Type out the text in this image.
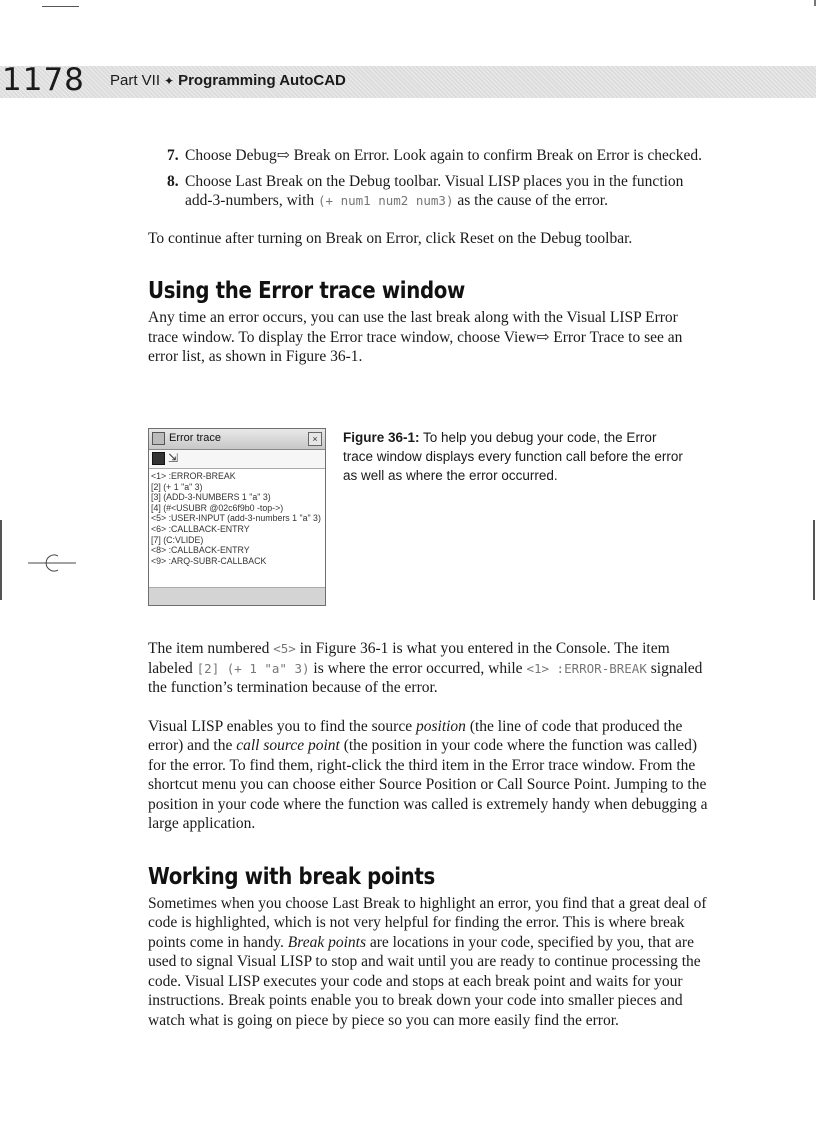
1178 Part VII ✦ Programming AutoCAD

7. Choose Debug⇨ Break on Error. Look again to confirm Break on Error is checked.

8. Choose Last Break on the Debug toolbar. Visual LISP places you in the function add-3-numbers, with (+ num1 num2 num3) as the cause of the error.

To continue after turning on Break on Error, click Reset on the Debug toolbar.

Using the Error trace window

Any time an error occurs, you can use the last break along with the Visual LISP Error trace window. To display the Error trace window, choose View⇨ Error Trace to see an error list, as shown in Figure 36-1.

Error trace	×
⇲
<1> :ERROR-BREAK
[2] (+ 1 "a" 3)
[3] (ADD-3-NUMBERS 1 "a" 3)
[4] (#<USUBR @02c6f9b0 -top->)
<5> :USER-INPUT (add-3-numbers 1 "a" 3)
<6> :CALLBACK-ENTRY
[7] (C:VLIDE)
<8> :CALLBACK-ENTRY
<9> :ARQ-SUBR-CALLBACK
Figure 36-1: To help you debug your code, the Error trace window displays every function call before the error as well as where the error occurred.

The item numbered <5> in Figure 36-1 is what you entered in the Console. The item labeled [2] (+ 1 "a" 3) is where the error occurred, while <1> :ERROR-BREAK signaled the function’s termination because of the error.

Visual LISP enables you to find the source position (the line of code that produced the error) and the call source point (the position in your code where the function was called) for the error. To find them, right-click the third item in the Error trace window. From the shortcut menu you can choose either Source Position or Call Source Point. Jumping to the position in your code where the function was called is extremely handy when debugging a large application.

Working with break points

Sometimes when you choose Last Break to highlight an error, you find that a great deal of code is highlighted, which is not very helpful for finding the error. This is where break points come in handy. Break points are locations in your code, specified by you, that are used to signal Visual LISP to stop and wait until you are ready to continue processing the code. Visual LISP executes your code and stops at each break point and waits for your instructions. Break points enable you to break down your code into smaller pieces and watch what is going on piece by piece so you can more easily find the error.
